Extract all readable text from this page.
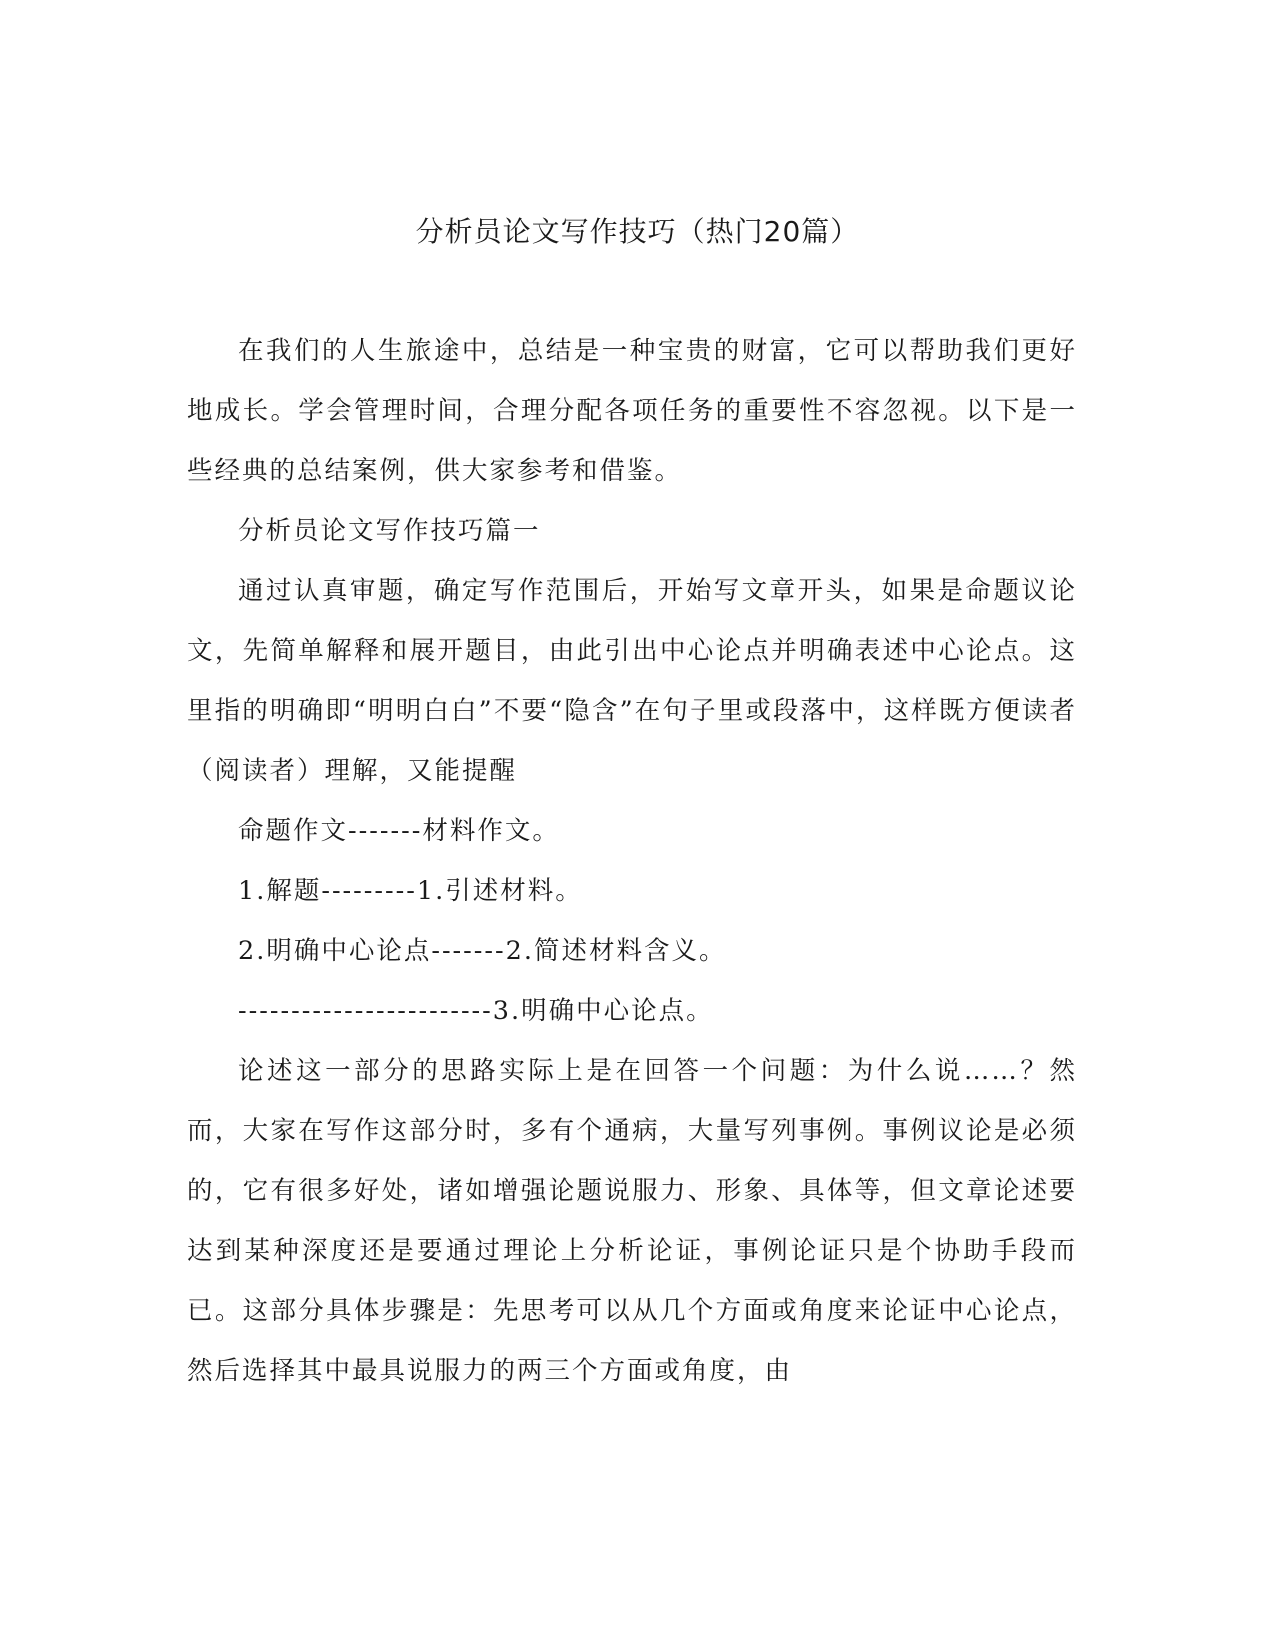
分析员论文写作技巧（热门20篇）

在我们的人生旅途中，总结是一种宝贵的财富，它可以帮助我们更好地成长。学会管理时间，合理分配各项任务的重要性不容忽视。以下是一些经典的总结案例，供大家参考和借鉴。

分析员论文写作技巧篇一

通过认真审题，确定写作范围后，开始写文章开头，如果是命题议论文，先简单解释和展开题目，由此引出中心论点并明确表述中心论点。这里指的明确即“明明白白”不要“隐含”在句子里或段落中，这样既方便读者（阅读者）理解，又能提醒

命题作文-------材料作文。

1.解题---------1.引述材料。

2.明确中心论点-------2.简述材料含义。

------------------------3.明确中心论点。

论述这一部分的思路实际上是在回答一个问题：为什么说……？然而，大家在写作这部分时，多有个通病，大量写列事例。事例议论是必须的，它有很多好处，诸如增强论题说服力、形象、具体等，但文章论述要达到某种深度还是要通过理论上分析论证，事例论证只是个协助手段而已。这部分具体步骤是：先思考可以从几个方面或角度来论证中心论点，然后选择其中最具说服力的两三个方面或角度，由
